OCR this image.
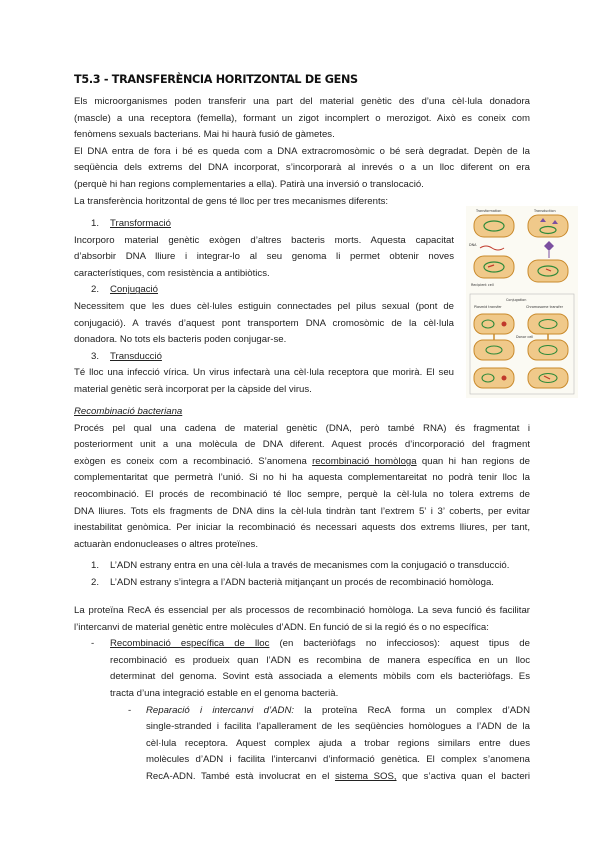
T5.3 - TRANSFERÈNCIA HORITZONTAL DE GENS

Els microorganismes poden transferir una part del material genètic des d’una cèl·lula donadora

(mascle) a una receptora (femella), formant un zigot incomplert o merozigot. Això es coneix com

fenòmens sexuals bacterians. Mai hi haurà fusió de gàmetes.

El DNA entra de fora i bé es queda com a DNA extracromosòmic o bé serà degradat. Depèn de la

seqüència dels extrems del DNA incorporat, s’incorporarà al inrevés o a un lloc diferent on era

(perquè hi han regions complementaries a ella). Patirà una inversió o translocació.

La transferència horitzontal de gens té lloc per tres mecanismes diferents:

1. Transformació

Incorporo material genètic exògen d’altres bacteris morts. Aquesta capacitat

d’absorbir DNA lliure i integrar-lo al seu genoma li permet obtenir noves

característiques, com resistència a antibiòtics.

2. Conjugació

Necessitem que les dues cèl·lules estiguin connectades pel pilus sexual (pont de

conjugació). A través d’aquest pont transportem DNA cromosòmic de la cèl·lula

donadora. No tots els bacteris poden conjugar-se.

3. Transducció

Té lloc una infecció vírica. Un virus infectarà una cèl·lula receptora que morirà. El seu

material genètic serà incorporat per la càpside del virus.

Transformation	Transduction
DNA
Recipient cell
Conjugation
Plasmid transfer	Chromosome transfer
Donor cell
Recombinació bacteriana

Procés pel qual una cadena de material genètic (DNA, però també RNA) és fragmentat i

posteriorment unit a una molècula de DNA diferent. Aquest procés d’incorporació del fragment

exògen es coneix com a recombinació. S’anomena recombinació homòloga quan hi han regions de

complementaritat que permetrà l’unió. Si no hi ha aquesta complementareitat no podrà tenir lloc la

reocombinació. El procés de recombinació té lloc sempre, perquè la cèl·lula no tolera extrems de

DNA lliures. Tots els fragments de DNA dins la cèl·lula tindràn tant l’extrem 5’ i 3’ coberts, per evitar

inestabilitat genòmica. Per iniciar la recombinació és necessari aquests dos extrems lliures, per tant,

actuaràn endonucleases o altres proteïnes.

1. L’ADN estrany entra en una cèl·lula a través de mecanismes com la conjugació o transducció.
2. L’ADN estrany s’integra a l’ADN bacterià mitjançant un procés de recombinació homòloga.

La proteïna RecA és essencial per als processos de recombinació homòloga. La seva funció és facilitar

l’intercanvi de material genètic entre molècules d’ADN. En funció de si la regió és o no específica:

- Recombinació específica de lloc (en bacteriòfags no infecciosos): aquest tipus de

recombinació es produeix quan l’ADN es recombina de manera específica en un lloc

determinat del genoma. Sovint està associada a elements mòbils com els bacteriòfags. Es

tracta d’una integració estable en el genoma bacterià.

- Reparació i intercanvi d’ADN: la proteïna RecA forma un complex d’ADN

single-stranded i facilita l’apallerament de les seqüències homòlogues a l’ADN de la

cèl·lula receptora. Aquest complex ajuda a trobar regions similars entre dues

molècules d’ADN i facilita l’intercanvi d’informació genètica. El complex s’anomena

RecA-ADN. També està involucrat en el sistema SOS, que s’activa quan el bacteri
